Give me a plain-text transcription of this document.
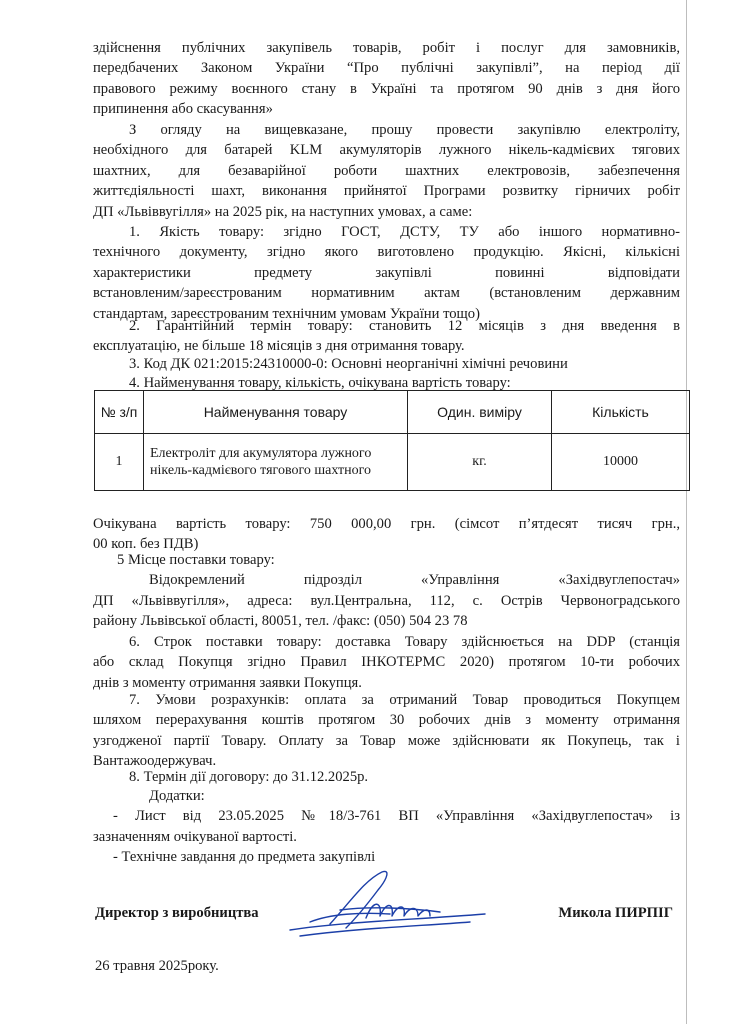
здійснення публічних закупівель товарів, робіт і послуг для замовників,
передбачених Законом України “Про публічні закупівлі”, на період дії
правового режиму воєнного стану в Україні та протягом 90 днів з дня його
припинення або скасування»
З огляду на вищевказане, прошу провести закупівлю електроліту,
необхідного для батарей KLM акумуляторів лужного нікель-кадмієвих тягових
шахтних, для безаварійної роботи шахтних електровозів, забезпечення
життєдіяльності шахт, виконання прийнятої Програми розвитку гірничих робіт
ДП «Львіввугілля» на 2025 рік, на наступних умовах, а саме:
1. Якість товару: згідно ГОСТ, ДСТУ, ТУ або іншого нормативно-
технічного документу, згідно якого виготовлено продукцію. Якісні, кількісні
характеристики предмету закупівлі повинні відповідати
встановленим/зареєстрованим нормативним актам (встановленим державним
стандартам, зареєстрованим технічним умовам України тощо)
2. Гарантійний термін товару: становить 12 місяців з дня введення в
експлуатацію, не більше 18 місяців з дня отримання товару.
3. Код ДК 021:2015:24310000-0: Основні неорганічні хімічні речовини
4. Найменування товару, кількість, очікувана вартість товару:
№ з/п	Найменування товару	Один. виміру	Кількість
1	Електроліт для акумулятора лужного нікель-кадмієвого тягового шахтного	кг.	10000
Очікувана вартість товару: 750 000,00 грн. (сімсот п’ятдесят тисяч грн.,
00 коп. без ПДВ)
5 Місце поставки товару:
Відокремлений підрозділ «Управління «Західвуглепостач»
ДП «Львіввугілля», адреса: вул.Центральна, 112, с. Острів Червоноградського
району Львівської області, 80051, тел. /факс: (050) 504 23 78
6. Строк поставки товару: доставка Товару здійснюється на DDP (станція
або склад Покупця згідно Правил ІНКОТЕРМС 2020) протягом 10-ти робочих
днів з моменту отримання заявки Покупця.
7. Умови розрахунків: оплата за отриманий Товар проводиться Покупцем
шляхом перерахування коштів протягом 30 робочих днів з моменту отримання
узгодженої партії Товару. Оплату за Товар може здійснювати як Покупець, так і
Вантажоодержувач.
8. Термін дії договору: до 31.12.2025р.
Додатки:
- Лист від 23.05.2025 №18/3-761 ВП «Управління «Західвуглепостач» із
зазначенням очікуваної вартості.
- Технічне завдання до предмета закупівлі
Директор з виробництва	Микола ПИРПІГ
26 травня 2025року.
